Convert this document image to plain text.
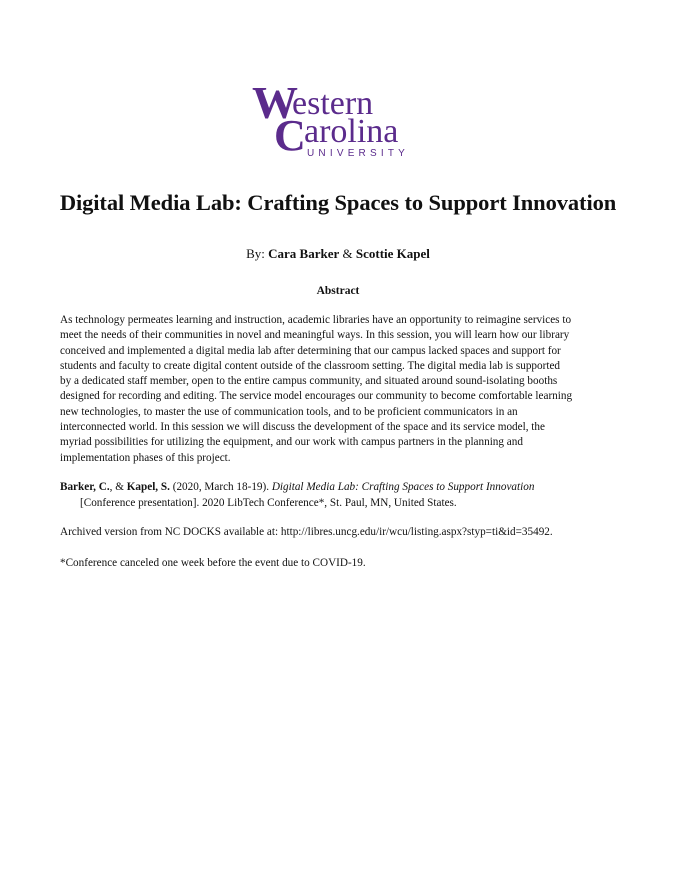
W
estern
C
arolina
UNIVERSITY
Digital Media Lab: Crafting Spaces to Support Innovation
By: Cara Barker & Scottie Kapel
Abstract
As technology permeates learning and instruction, academic libraries have an opportunity to reimagine services to
meet the needs of their communities in novel and meaningful ways. In this session, you will learn how our library
conceived and implemented a digital media lab after determining that our campus lacked spaces and support for
students and faculty to create digital content outside of the classroom setting. The digital media lab is supported
by a dedicated staff member, open to the entire campus community, and situated around sound-isolating booths
designed for recording and editing. The service model encourages our community to become comfortable learning
new technologies, to master the use of communication tools, and to be proficient communicators in an
interconnected world. In this session we will discuss the development of the space and its service model, the
myriad possibilities for utilizing the equipment, and our work with campus partners in the planning and
implementation phases of this project.
Barker, C., & Kapel, S. (2020, March 18-19). Digital Media Lab: Crafting Spaces to Support Innovation
[Conference presentation]. 2020 LibTech Conference*, St. Paul, MN, United States.
Archived version from NC DOCKS available at: http://libres.uncg.edu/ir/wcu/listing.aspx?styp=ti&id=35492.
*Conference canceled one week before the event due to COVID-19.
